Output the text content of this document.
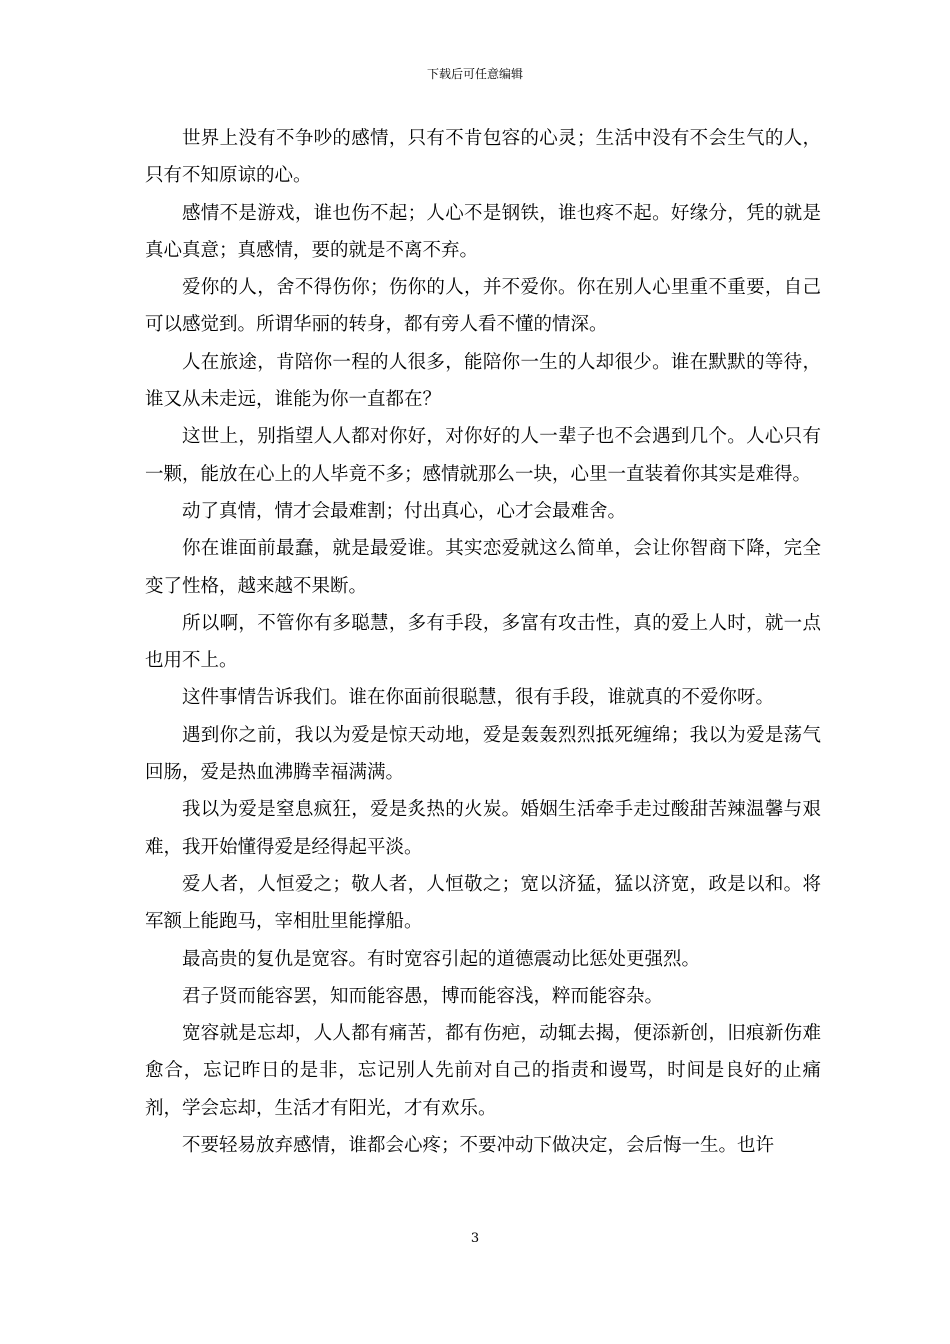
下载后可任意编辑

世界上没有不争吵的感情，只有不肯包容的心灵；生活中没有不会生气的人，只有不知原谅的心。

感情不是游戏，谁也伤不起；人心不是钢铁，谁也疼不起。好缘分，凭的就是真心真意；真感情，要的就是不离不弃。

爱你的人，舍不得伤你；伤你的人，并不爱你。你在别人心里重不重要，自己可以感觉到。所谓华丽的转身，都有旁人看不懂的情深。

人在旅途，肯陪你一程的人很多，能陪你一生的人却很少。谁在默默的等待，谁又从未走远，谁能为你一直都在？

这世上，别指望人人都对你好，对你好的人一辈子也不会遇到几个。人心只有一颗，能放在心上的人毕竟不多；感情就那么一块，心里一直装着你其实是难得。

动了真情，情才会最难割；付出真心，心才会最难舍。

你在谁面前最蠢，就是最爱谁。其实恋爱就这么简单，会让你智商下降，完全变了性格，越来越不果断。

所以啊，不管你有多聪慧，多有手段，多富有攻击性，真的爱上人时，就一点也用不上。

这件事情告诉我们。谁在你面前很聪慧，很有手段，谁就真的不爱你呀。

遇到你之前，我以为爱是惊天动地，爱是轰轰烈烈抵死缠绵；我以为爱是荡气回肠，爱是热血沸腾幸福满满。

我以为爱是窒息疯狂，爱是炙热的火炭。婚姻生活牵手走过酸甜苦辣温馨与艰难，我开始懂得爱是经得起平淡。

爱人者，人恒爱之；敬人者，人恒敬之；宽以济猛，猛以济宽，政是以和。将军额上能跑马，宰相肚里能撑船。

最高贵的复仇是宽容。有时宽容引起的道德震动比惩处更强烈。

君子贤而能容罢，知而能容愚，博而能容浅，粹而能容杂。

宽容就是忘却，人人都有痛苦，都有伤疤，动辄去揭，便添新创，旧痕新伤难愈合，忘记昨日的是非，忘记别人先前对自己的指责和谩骂，时间是良好的止痛剂，学会忘却，生活才有阳光，才有欢乐。

不要轻易放弃感情，谁都会心疼；不要冲动下做决定，会后悔一生。也许

3
